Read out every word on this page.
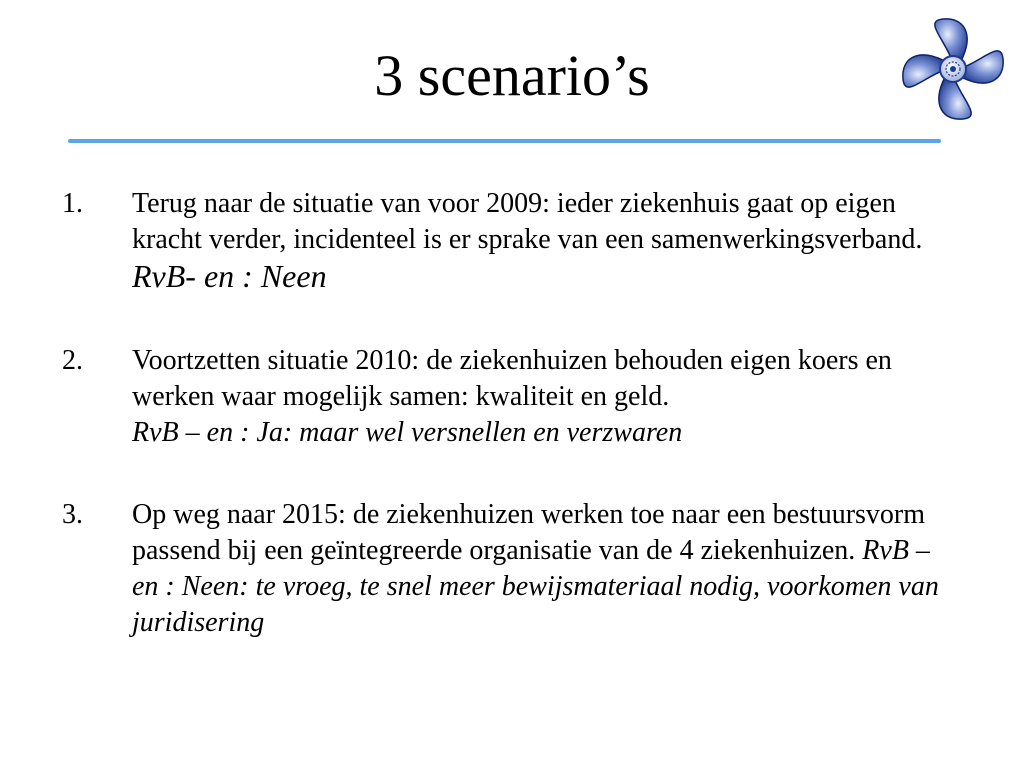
3 scenario’s
1. Terug naar de situatie van voor 2009: ieder ziekenhuis gaat op eigen kracht verder, incidenteel is er sprake van een samenwerkingsverband. RvB- en : Neen
2. Voortzetten situatie 2010: de ziekenhuizen behouden eigen koers en werken waar mogelijk samen: kwaliteit en geld.
RvB – en : Ja: maar wel versnellen en verzwaren
3. Op weg naar 2015: de ziekenhuizen werken toe naar een bestuursvorm passend bij een geïntegreerde organisatie van de 4 ziekenhuizen. RvB – en : Neen: te vroeg, te snel meer bewijsmateriaal nodig, voorkomen van juridisering
